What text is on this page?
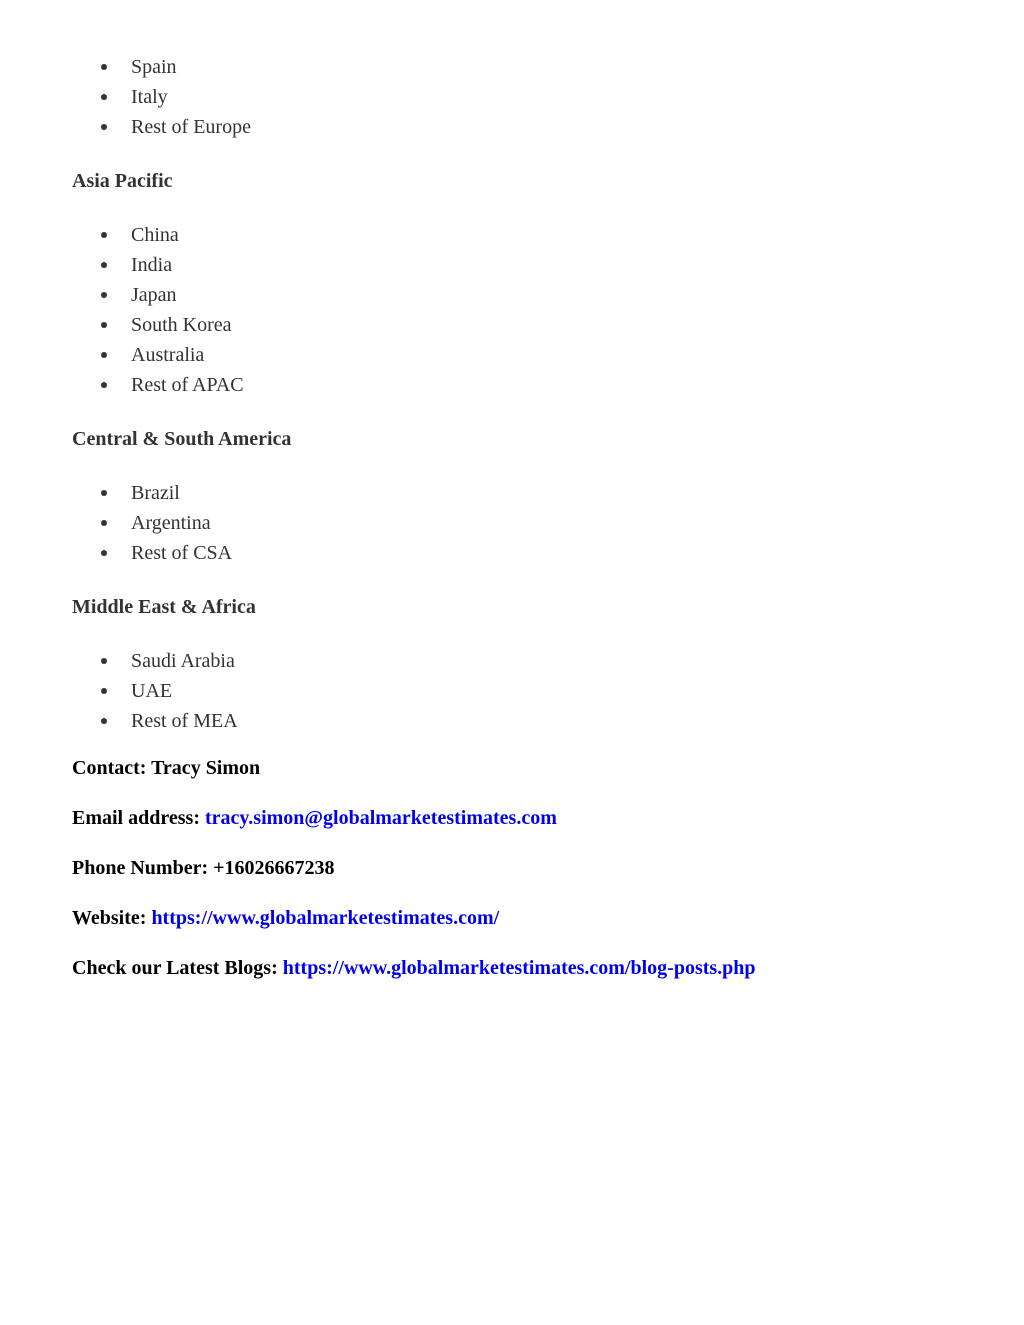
Spain
Italy
Rest of Europe
Asia Pacific
China
India
Japan
South Korea
Australia
Rest of APAC
Central & South America
Brazil
Argentina
Rest of CSA
Middle East & Africa
Saudi Arabia
UAE
Rest of MEA
Contact: Tracy Simon
Email address: tracy.simon@globalmarketestimates.com
Phone Number: +16026667238
Website: https://www.globalmarketestimates.com/
Check our Latest Blogs: https://www.globalmarketestimates.com/blog-posts.php
